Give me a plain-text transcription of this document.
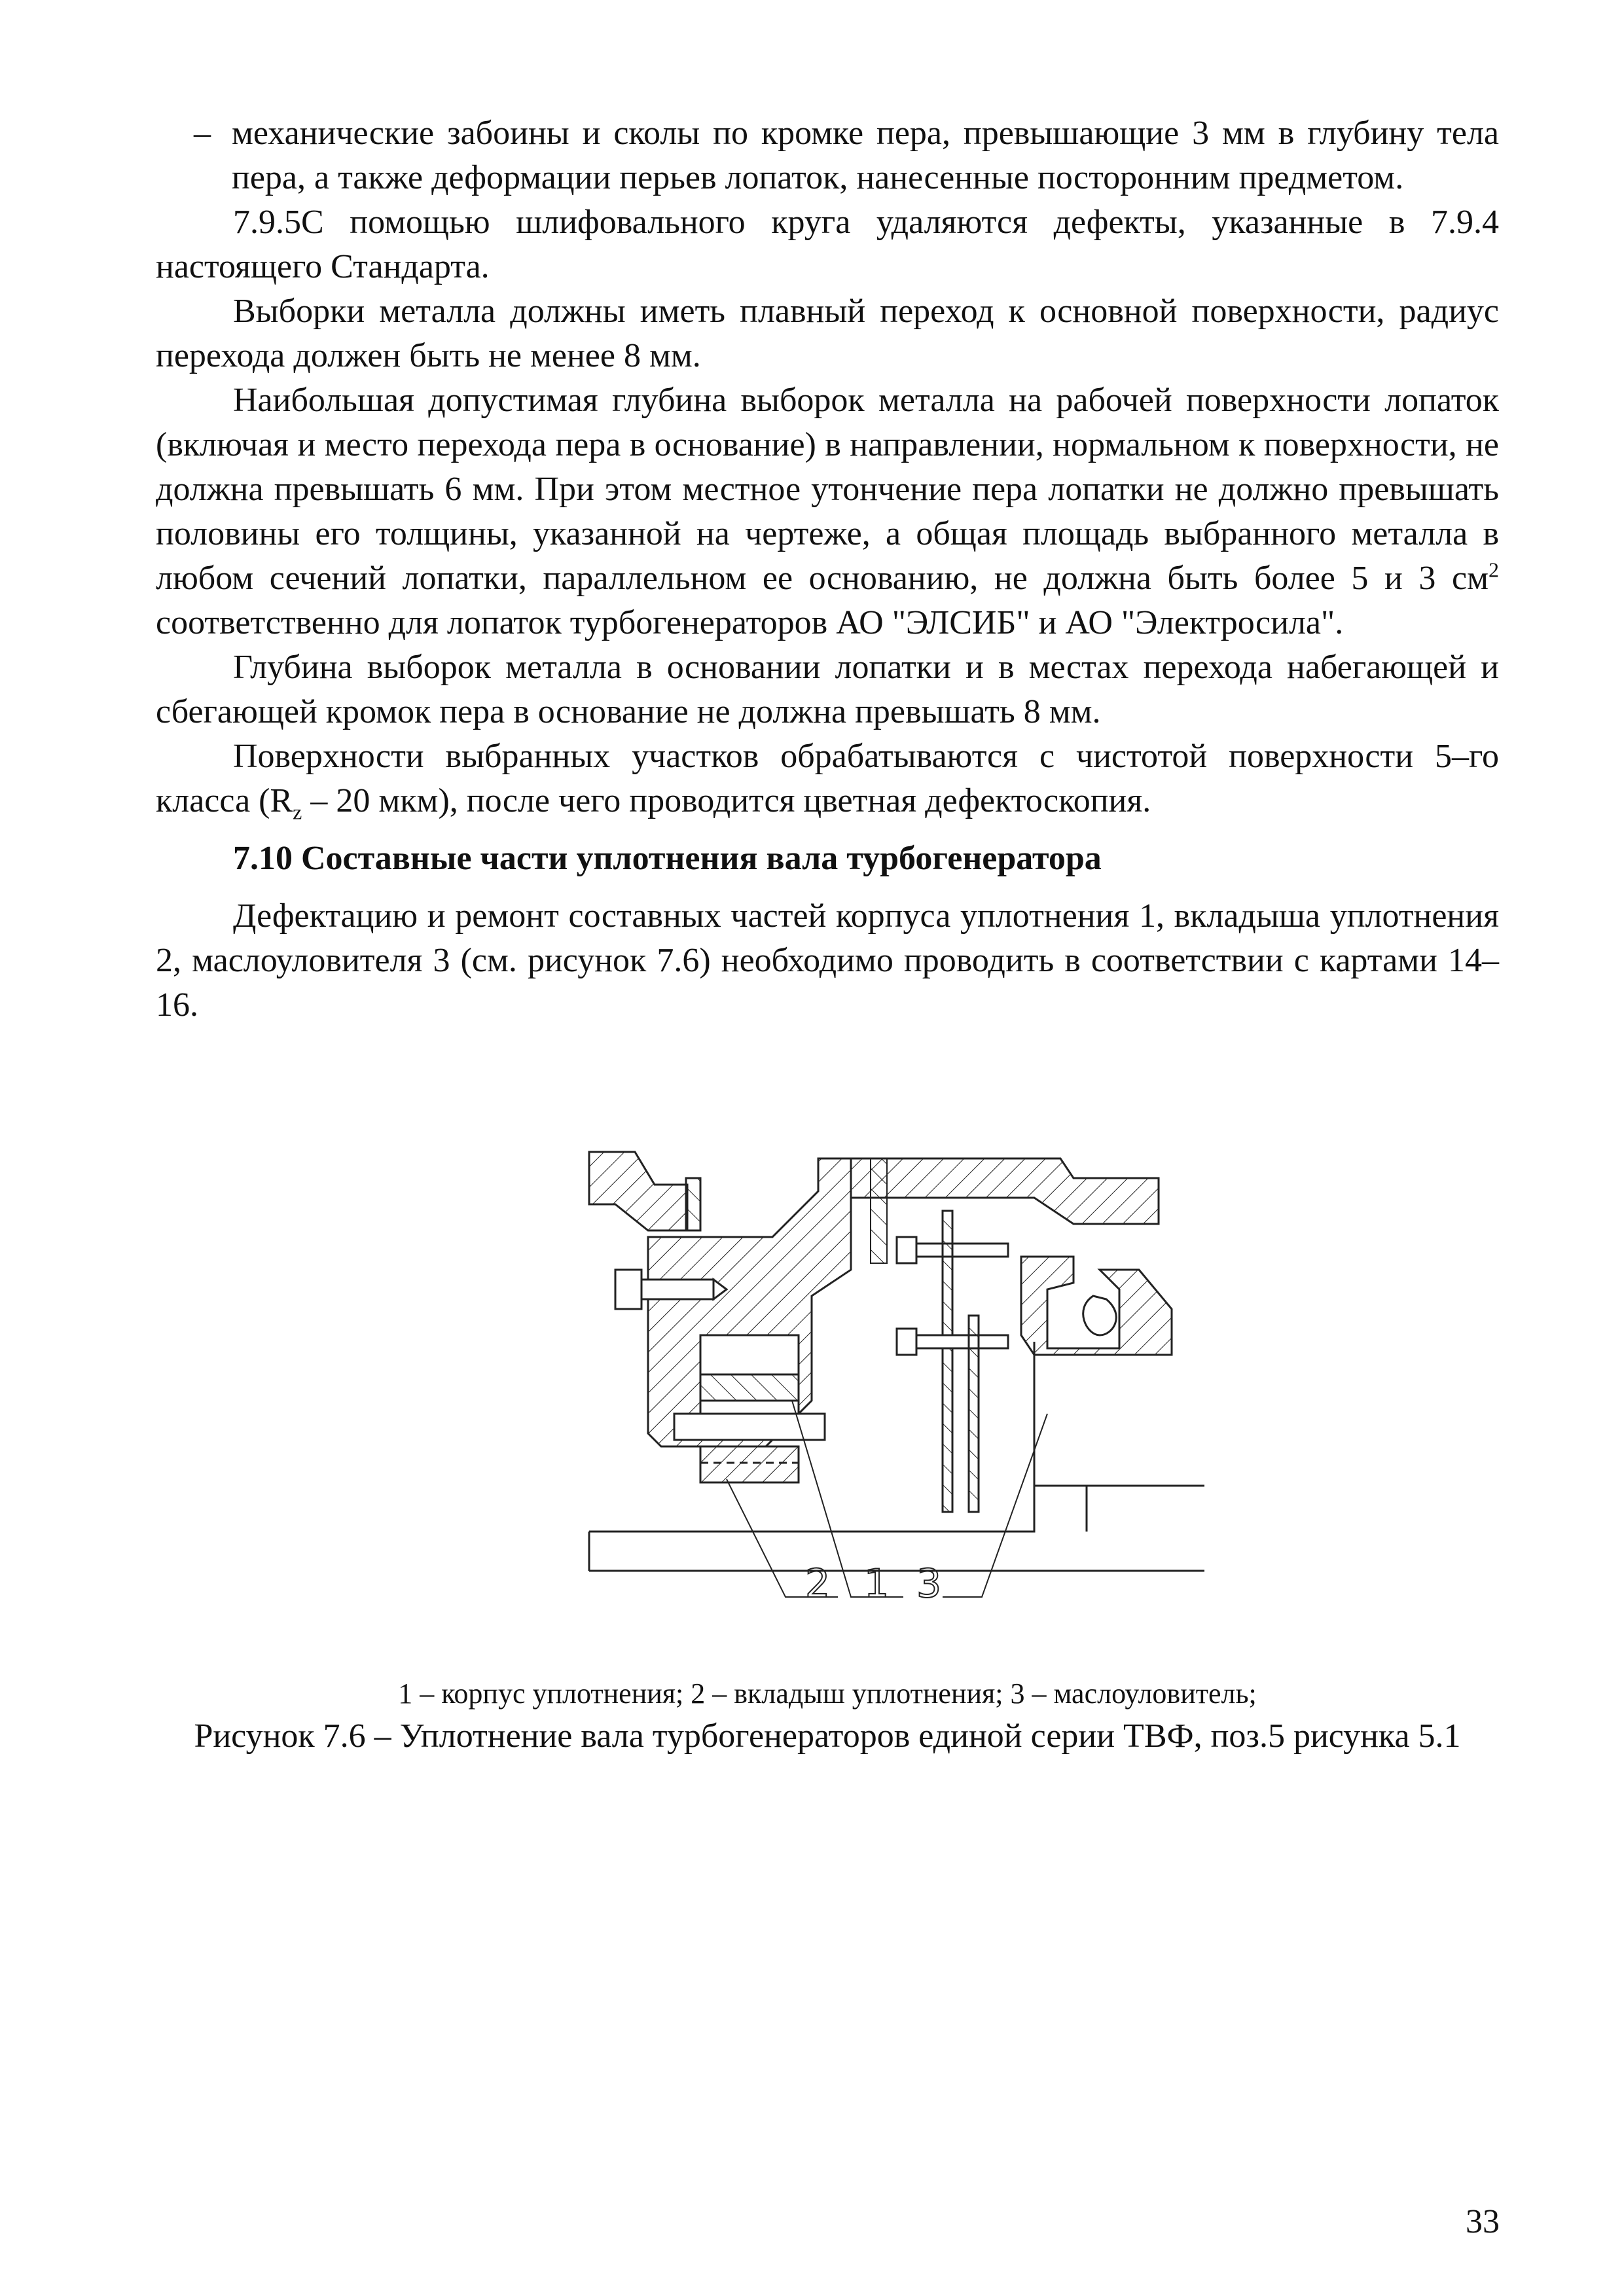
– механические забоины и сколы по кромке пера, превышающие 3 мм в глубину тела пера, а также деформации перьев лопаток, нанесенные посторонним предметом.

7.9.5С помощью шлифовального круга удаляются дефекты, указанные в 7.9.4 настоящего Стандарта.

Выборки металла должны иметь плавный переход к основной поверхности, радиус перехода должен быть не менее 8 мм.

Наибольшая допустимая глубина выборок металла на рабочей поверхности лопаток (включая и место перехода пера в основание) в направлении, нормальном к поверхности, не должна превышать 6 мм. При этом местное утончение пера лопатки не должно превышать половины его толщины, указанной на чертеже, а общая площадь выбранного металла в любом сечений лопатки, параллельном ее основанию, не должна быть более 5 и 3 $см^2$ соответственно для лопаток турбогенераторов АО "ЭЛСИБ" и АО "Электросила".

Глубина выборок металла в основании лопатки и в местах перехода набегающей и сбегающей кромок пера в основание не должна превышать 8 мм.

Поверхности выбранных участков обрабатываются с чистотой поверхности 5–го класса ($R_z - 20$ мкм), после чего проводится цветная дефектоскопия.

7.10 Составные части уплотнения вала турбогенератора

Дефектацию и ремонт составных частей корпуса уплотнения 1, вкладыша уплотнения 2, маслоуловителя 3 (см. рисунок 7.6) необходимо проводить в соответствии с картами 14–16.

2 1 3
1 – корпус уплотнения; 2 – вкладыш уплотнения; 3 – маслоуловитель;
Рисунок 7.6 – Уплотнение вала турбогенераторов единой серии ТВФ, поз.5 рисунка 5.1
33
